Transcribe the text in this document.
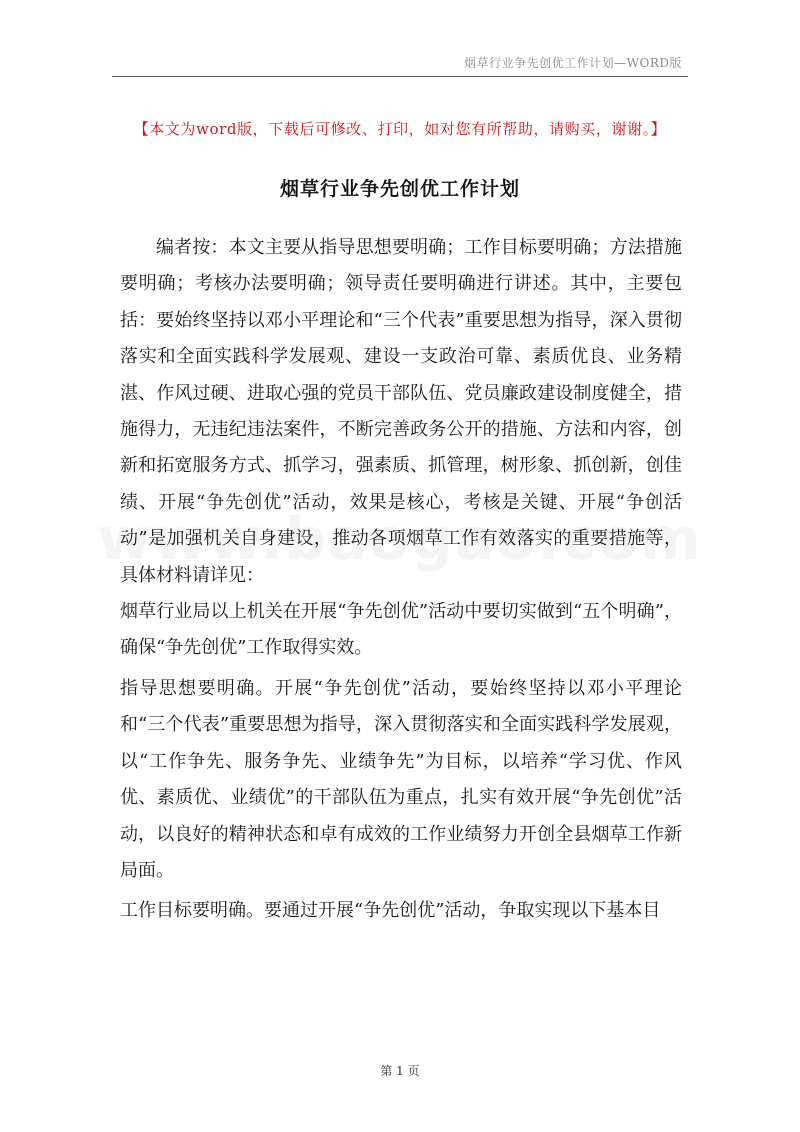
烟草行业争先创优工作计划—WORD版
【本文为word版，下载后可修改、打印，如对您有所帮助，请购买，谢谢。】
烟草行业争先创优工作计划

编者按：本文主要从指导思想要明确；工作目标要明确；方法措施要明确；考核办法要明确；领导责任要明确进行讲述。其中，主要包括：要始终坚持以邓小平理论和“三个代表”重要思想为指导，深入贯彻落实和全面实践科学发展观、建设一支政治可靠、素质优良、业务精湛、作风过硬、进取心强的党员干部队伍、党员廉政建设制度健全，措施得力，无违纪违法案件，不断完善政务公开的措施、方法和内容，创新和拓宽服务方式、抓学习，强素质、抓管理，树形象、抓创新，创佳绩、开展“争先创优”活动，效果是核心，考核是关键、开展“争创活动”是加强机关自身建设，推动各项烟草工作有效落实的重要措施等，具体材料请详见：

烟草行业局以上机关在开展“争先创优”活动中要切实做到“五个明确”，确保“争先创优”工作取得实效。

指导思想要明确。开展“争先创优”活动，要始终坚持以邓小平理论和“三个代表”重要思想为指导，深入贯彻落实和全面实践科学发展观，以“工作争先、服务争先、业绩争先”为目标，以培养“学习优、作风优、素质优、业绩优”的干部队伍为重点，扎实有效开展“争先创优”活动，以良好的精神状态和卓有成效的工作业绩努力开创全县烟草工作新局面。

工作目标要明确。要通过开展“争先创优”活动，争取实现以下基本目

第 1 页
